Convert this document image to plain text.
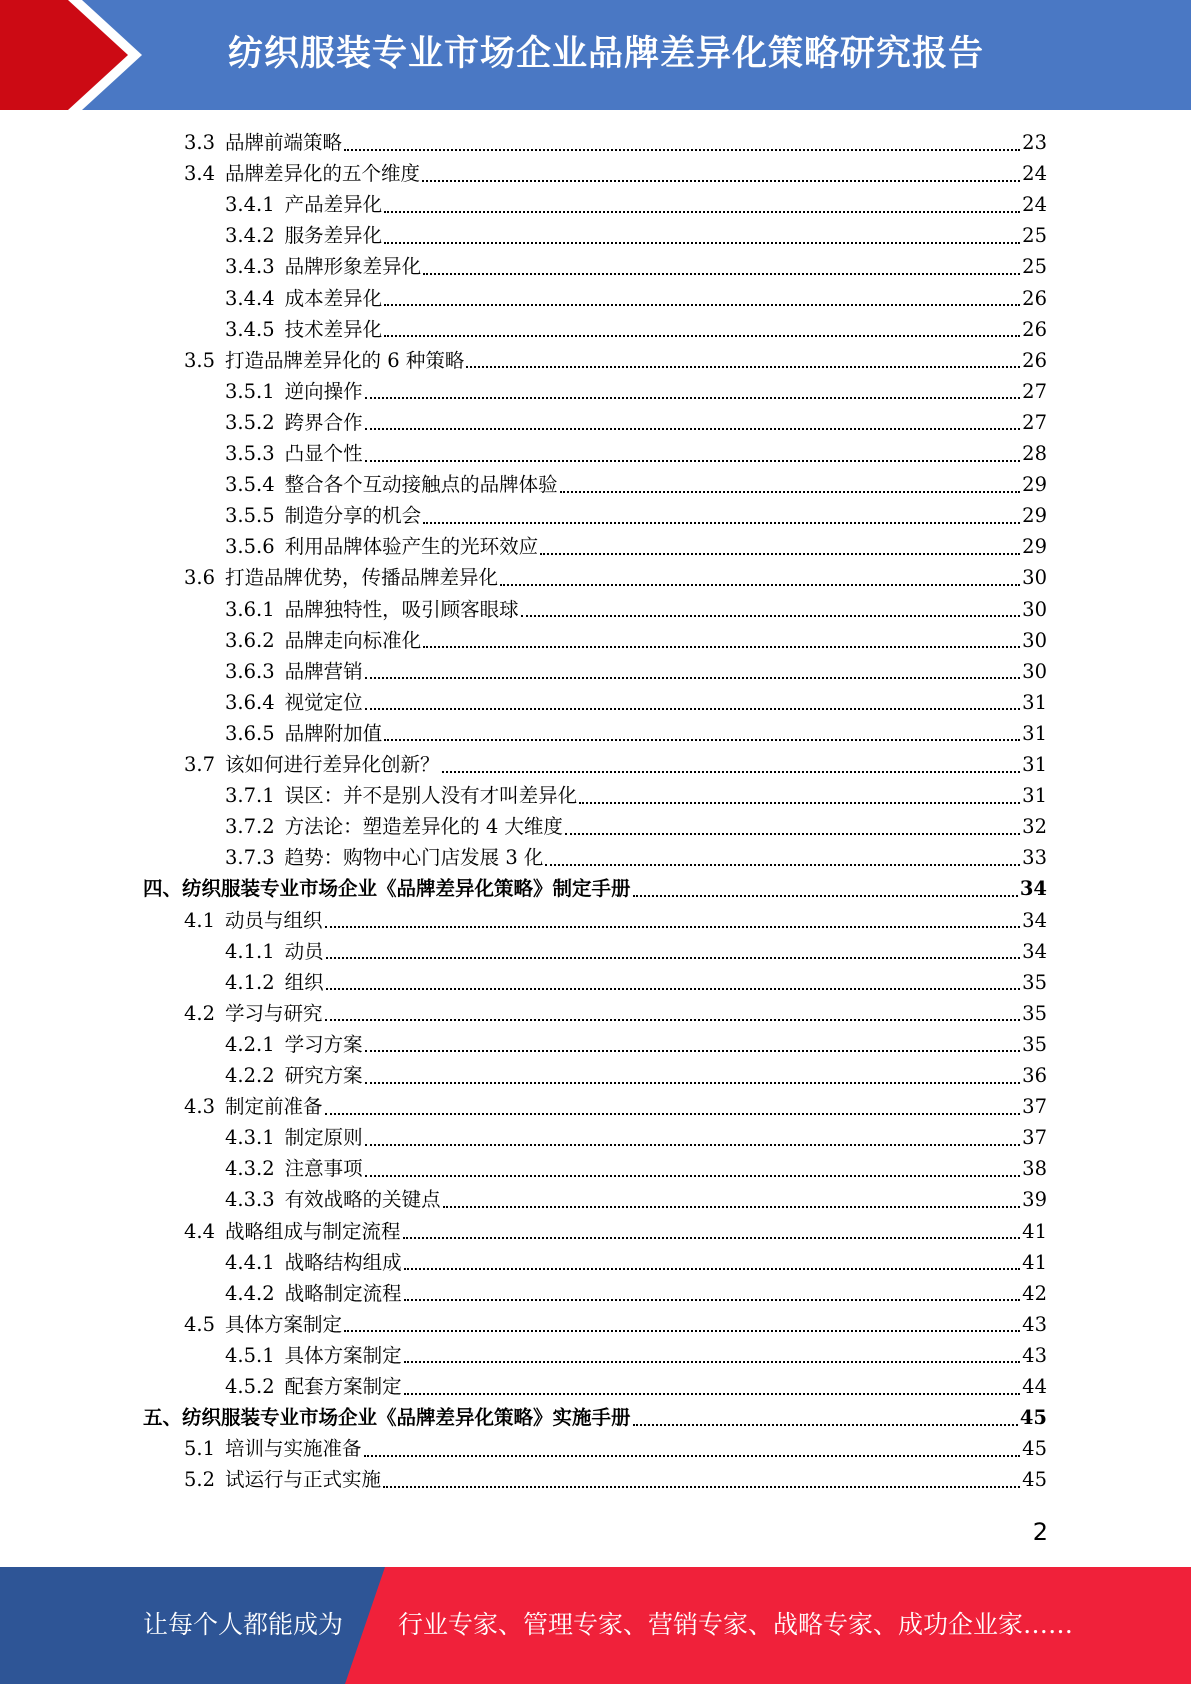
纺织服装专业市场企业品牌差异化策略研究报告
3.3 品牌前端策略	23
3.4 品牌差异化的五个维度	24
3.4.1 产品差异化	24
3.4.2 服务差异化	25
3.4.3 品牌形象差异化	25
3.4.4 成本差异化	26
3.4.5 技术差异化	26
3.5 打造品牌差异化的 6 种策略	26
3.5.1 逆向操作	27
3.5.2 跨界合作	27
3.5.3 凸显个性	28
3.5.4 整合各个互动接触点的品牌体验	29
3.5.5 制造分享的机会	29
3.5.6 利用品牌体验产生的光环效应	29
3.6 打造品牌优势，传播品牌差异化	30
3.6.1 品牌独特性，吸引顾客眼球	30
3.6.2 品牌走向标准化	30
3.6.3 品牌营销	30
3.6.4 视觉定位	31
3.6.5 品牌附加值	31
3.7 该如何进行差异化创新？	31
3.7.1 误区：并不是别人没有才叫差异化	31
3.7.2 方法论：塑造差异化的 4 大维度	32
3.7.3 趋势：购物中心门店发展 3 化	33
四、纺织服装专业市场企业《品牌差异化策略》制定手册	34
4.1 动员与组织	34
4.1.1 动员	34
4.1.2 组织	35
4.2 学习与研究	35
4.2.1 学习方案	35
4.2.2 研究方案	36
4.3 制定前准备	37
4.3.1 制定原则	37
4.3.2 注意事项	38
4.3.3 有效战略的关键点	39
4.4 战略组成与制定流程	41
4.4.1 战略结构组成	41
4.4.2 战略制定流程	42
4.5 具体方案制定	43
4.5.1 具体方案制定	43
4.5.2 配套方案制定	44
五、纺织服装专业市场企业《品牌差异化策略》实施手册	45
5.1 培训与实施准备	45
5.2 试运行与正式实施	45
2
让每个人都能成为 行业专家、管理专家、营销专家、战略专家、成功企业家……
